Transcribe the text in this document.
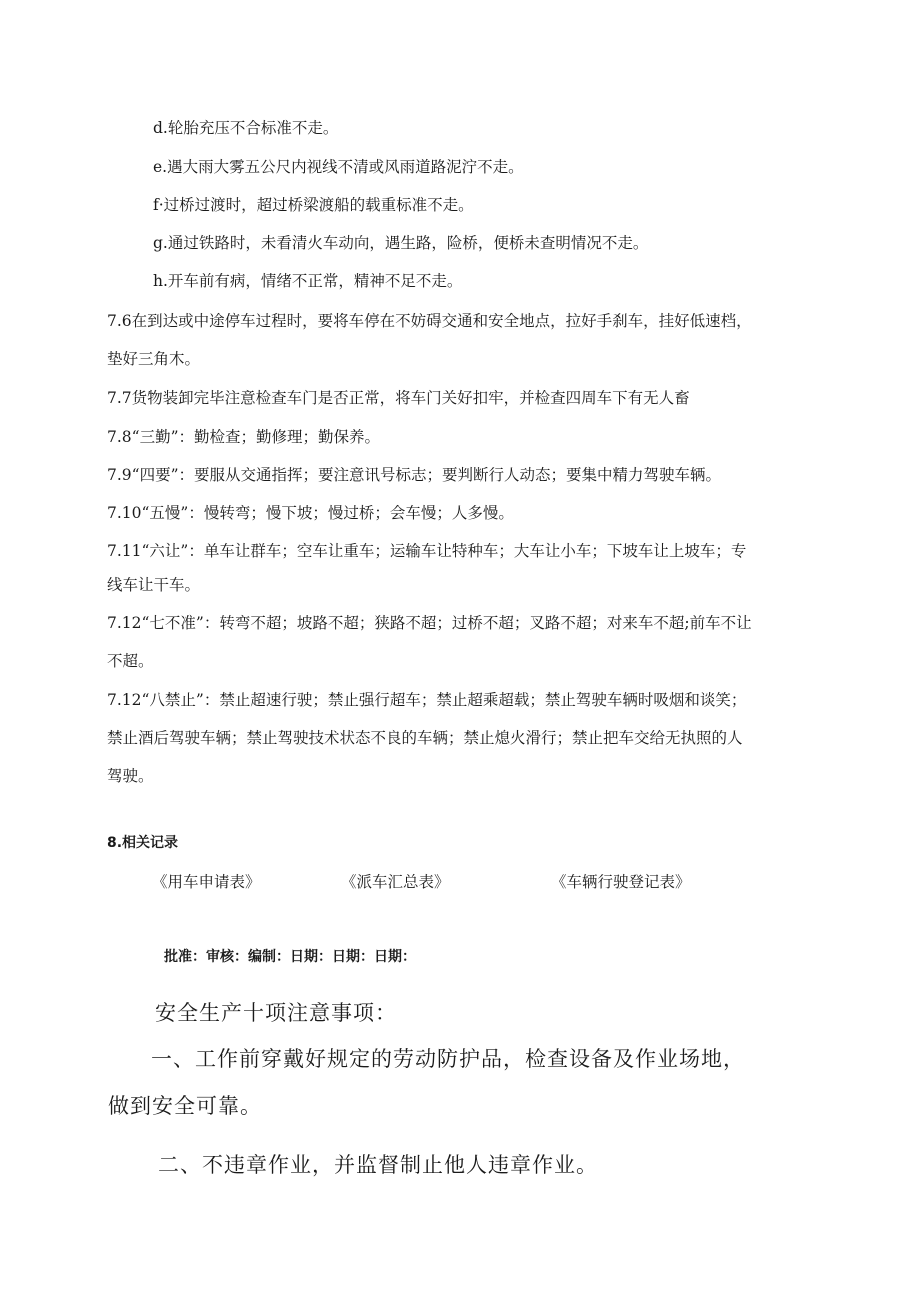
d.轮胎充压不合标准不走。
e.遇大雨大雾五公尺内视线不清或风雨道路泥泞不走。
f·过桥过渡时，超过桥梁渡船的载重标准不走。
g.通过铁路时，未看清火车动向，遇生路，险桥，便桥未查明情况不走。
h.开车前有病，情绪不正常，精神不足不走。
7.6在到达或中途停车过程时，要将车停在不妨碍交通和安全地点，拉好手刹车，挂好低速档，
垫好三角木。
7.7货物装卸完毕注意检查车门是否正常，将车门关好扣牢，并检查四周车下有无人畜
7.8“三勤”：勤检查；勤修理；勤保养。
7.9“四要”：要服从交通指挥；要注意讯号标志；要判断行人动态；要集中精力驾驶车辆。
7.10“五慢”：慢转弯；慢下坡；慢过桥；会车慢；人多慢。
7.11“六让”：单车让群车；空车让重车；运输车让特种车；大车让小车；下坡车让上坡车；专
线车让干车。
7.12“七不准”：转弯不超；坡路不超；狭路不超；过桥不超；叉路不超；对来车不超;前车不让
不超。
7.12“八禁止”：禁止超速行驶；禁止强行超车；禁止超乘超载；禁止驾驶车辆时吸烟和谈笑；
禁止酒后驾驶车辆；禁止驾驶技术状态不良的车辆；禁止熄火滑行；禁止把车交给无执照的人
驾驶。
8.相关记录
《用车申请表》	《派车汇总表》	《车辆行驶登记表》
批准：审核：编制：日期：日期：日期：
安全生产十项注意事项：
一、工作前穿戴好规定的劳动防护品，检查设备及作业场地，
做到安全可靠。
二、不违章作业，并监督制止他人违章作业。
